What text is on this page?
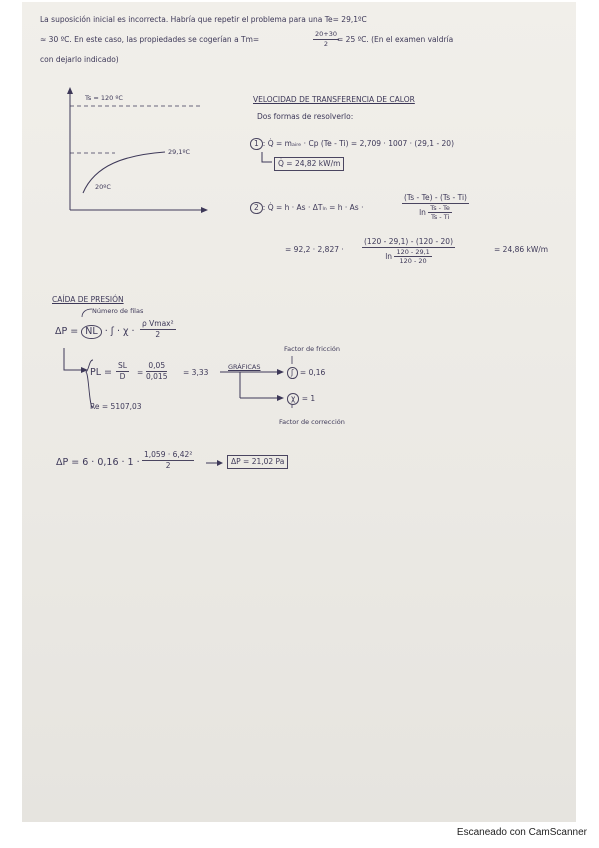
La suposición inicial es incorrecta. Habría que repetir el problema para una Te= 29,1ºC
≈ 30 ºC. En este caso, las propiedades se cogerían a Tm=	$\frac{20+30}{2}$
= 25 ºC. (En el examen valdría
con dejarlo indicado)
Ts = 120 ºC
29,1ºC
20ºC
VELOCIDAD DE TRANSFERENCIA DE CALOR
Dos formas de resolverlo:
1 : Q̇ = mₐᵢᵣₑ · Cp (Te - Ti) = 2,709 · 1007 · (29,1 - 20)
Q̇ = 24,82 kW/m
2 : Q̇ = h · As · ΔTₗₙ = h · As ·	$\frac{(Ts - Te) - (Ts - Ti)}{\ln \frac{Ts - Te}{Ts - Ti}}$
= $92,2 \cdot 2,827 \cdot \frac{(120 - 29,1) - (120 - 20)}{\ln \frac{120 - 29,1}{120 - 20}}$	= 24,86 kW/m
CAÍDA DE PRESIÓN
Número de filas
ΔP = NL · ʃ · χ ·
ρ Vmax²
2
PL = $\frac{SL}{D} = \frac{0,05}{0,015} = 3,33$
GRÁFICAS
Factor de fricción
ʃ = 0,16
χ = 1
Factor de corrección
Re = 5107,03
$\Delta P = 6 \cdot 0,16 \cdot 1 \cdot \frac{\text{1,059 · 6,42²}}{2}$	ΔP = 21,02 Pa
Escaneado con CamScanner
